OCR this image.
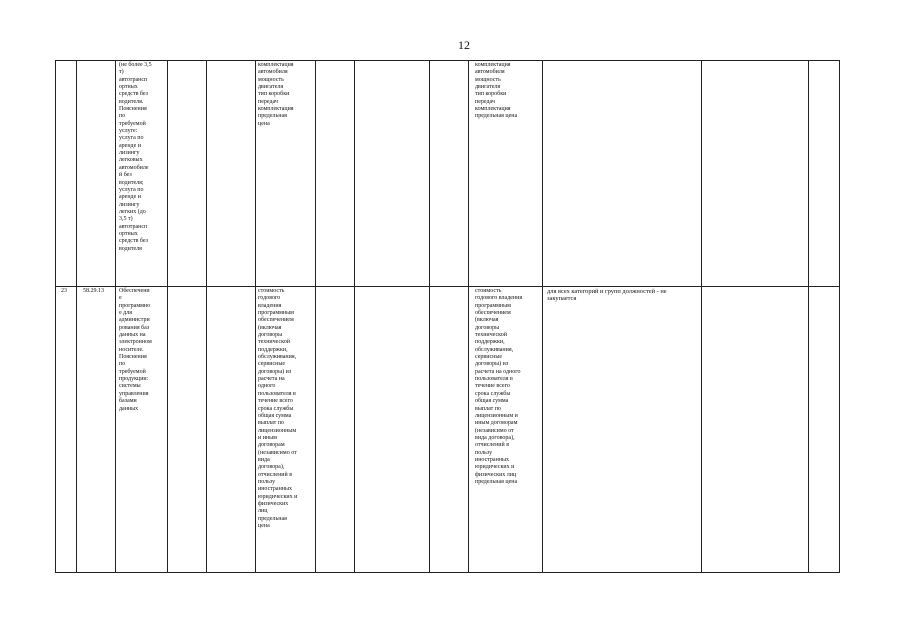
12
23	58.29.13
(не более 3,5
т)
автотрансп
ортных
средств без
водителя.
Пояснения
по
требуемой
услуге:
услуга по
аренде и
лизингу
легковых
автомобиле
й без
водителя;
услуга по
аренде и
лизингу
легких (до
3,5 т)
автотрансп
ортных
средств без
водителя
Обеспечени
е
программно
е для
администри
рования баз
данных на
электронном
носителе.
Пояснения
по
требуемой
продукции:
системы
управления
базами
данных
комплектация
автомобиля
мощность
двигателя
тип коробки
передач
комплектация
предельная
цена
стоимость
годового
владения
программным
обеспечением
(включая
договоры
технической
поддержки,
обслуживания,
сервисные
договоры) из
расчета на
одного
пользователя в
течение всего
срока службы
общая сумма
выплат по
лицензионным
и иным
договорам
(независимо от
вида
договора),
отчислений в
пользу
иностранных
юридических и
физических
лиц
предельная
цена
комплектация
автомобиля
мощность
двигателя
тип коробки
передач
комплектация
предельная цена
стоимость
годового владения
программным
обеспечением
(включая
договоры
технической
поддержки,
обслуживания,
сервисные
договоры) из
расчета на одного
пользователя в
течение всего
срока службы
общая сумма
выплат по
лицензионным и
иным договорам
(независимо от
вида договора),
отчислений в
пользу
иностранных
юридических и
физических лиц
предельная цена
для всех категорий и групп должностей - не
закупается
